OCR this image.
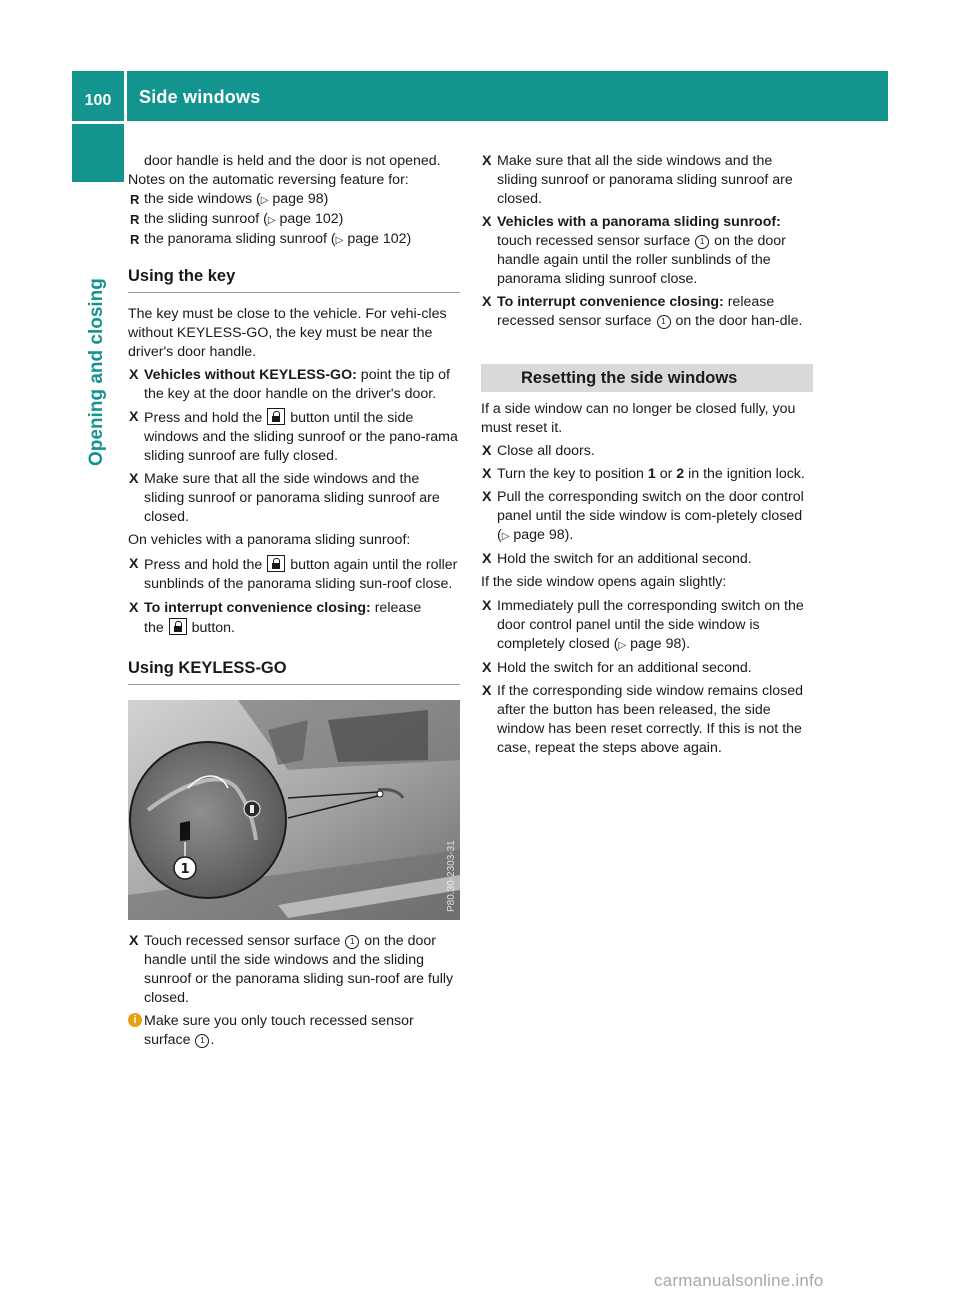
100	Side windows
Opening and closing

door handle is held and the door is not opened.

Notes on the automatic reversing feature for:

R the side windows (▷ page 98)
R the sliding sunroof (▷ page 102)
R the panorama sliding sunroof (▷ page 102)
Using the key

The key must be close to the vehicle. For vehi-cles without KEYLESS-GO, the key must be near the driver's door handle.

X Vehicles without KEYLESS-GO: point the tip of the key at the door handle on the driver's door.
X Press and hold the  button until the side windows and the sliding sunroof or the pano-rama sliding sunroof are fully closed.
X Make sure that all the side windows and the sliding sunroof or panorama sliding sunroof are closed.

On vehicles with a panorama sliding sunroof:

X Press and hold the  button again until the roller sunblinds of the panorama sliding sun-roof close.
X To interrupt convenience closing: release
the  button.
Using KEYLESS-GO
1	P80.30-2303-31
X Touch recessed sensor surface 1 on the door handle until the side windows and the sliding sunroof or the panorama sliding sun-roof are fully closed.
i Make sure you only touch recessed sensor surface 1 .
X Make sure that all the side windows and the sliding sunroof or panorama sliding sunroof are closed.
X Vehicles with a panorama sliding sunroof: touch recessed sensor surface 1 on the door handle again until the roller sunblinds of the panorama sliding sunroof close.
X To interrupt convenience closing: release recessed sensor surface 1 on the door han-dle.
Resetting the side windows

If a side window can no longer be closed fully, you must reset it.

X Close all doors.
X Turn the key to position 1 or 2 in the ignition lock.
X Pull the corresponding switch on the door control panel until the side window is com-pletely closed (▷ page 98).
X Hold the switch for an additional second.

If the side window opens again slightly:

X Immediately pull the corresponding switch on the door control panel until the side window is completely closed (▷ page 98).
X Hold the switch for an additional second.
X If the corresponding side window remains closed after the button has been released, the side window has been reset correctly. If this is not the case, repeat the steps above again.
carmanualsonline.info
